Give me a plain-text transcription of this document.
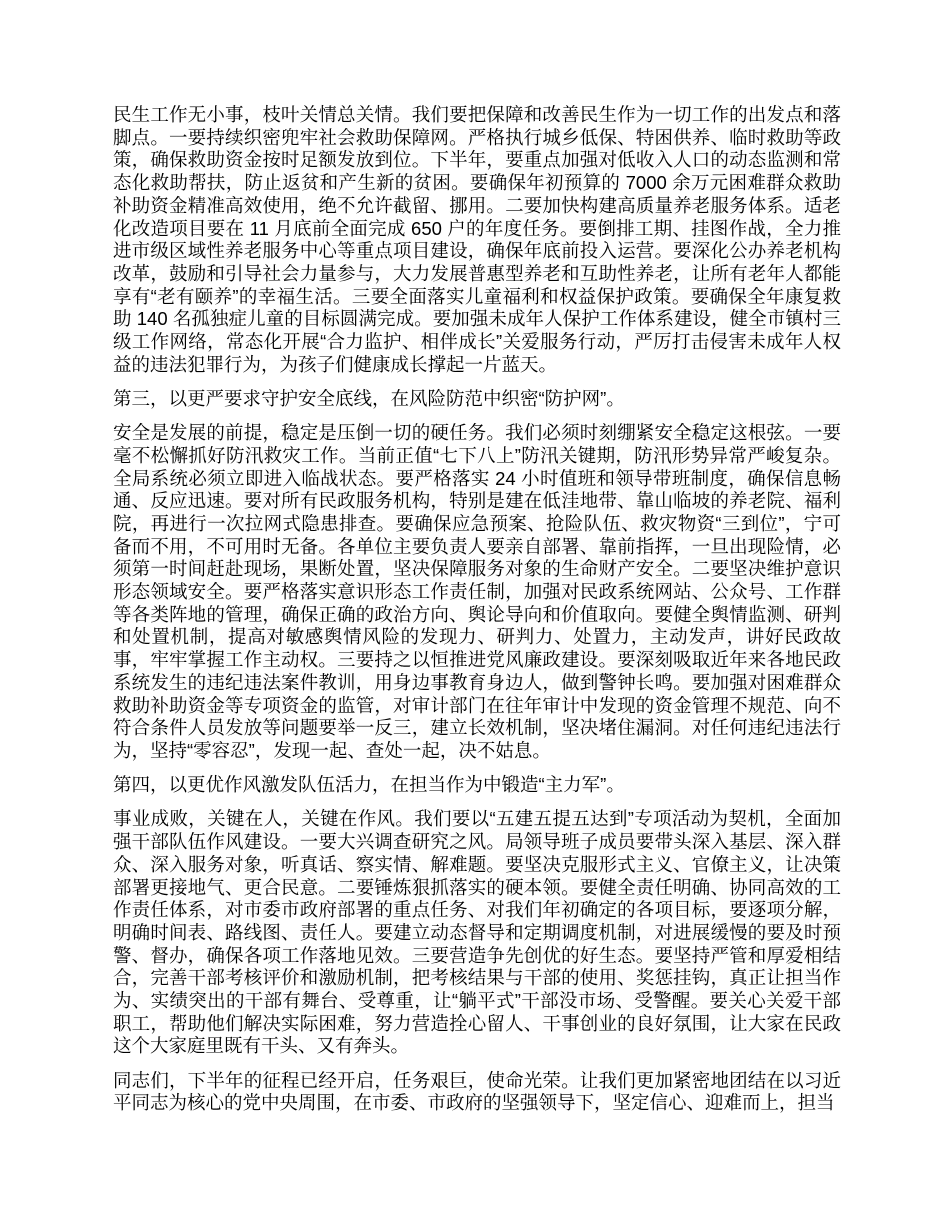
民生工作无小事，枝叶关情总关情。我们要把保障和改善民生作为一切工作的出发点和落脚点。一要持续织密兜牢社会救助保障网。严格执行城乡低保、特困供养、临时救助等政策，确保救助资金按时足额发放到位。下半年，要重点加强对低收入人口的动态监测和常态化救助帮扶，防止返贫和产生新的贫困。要确保年初预算的 7000 余万元困难群众救助补助资金精准高效使用，绝不允许截留、挪用。二要加快构建高质量养老服务体系。适老化改造项目要在 11 月底前全面完成 650 户的年度任务。要倒排工期、挂图作战，全力推进市级区域性养老服务中心等重点项目建设，确保年底前投入运营。要深化公办养老机构改革，鼓励和引导社会力量参与，大力发展普惠型养老和互助性养老，让所有老年人都能享有“老有颐养”的幸福生活。三要全面落实儿童福利和权益保护政策。要确保全年康复救助 140 名孤独症儿童的目标圆满完成。要加强未成年人保护工作体系建设，健全市镇村三级工作网络，常态化开展“合力监护、相伴成长”关爱服务行动，严厉打击侵害未成年人权益的违法犯罪行为，为孩子们健康成长撑起一片蓝天。

第三，以更严要求守护安全底线，在风险防范中织密“防护网”。

安全是发展的前提，稳定是压倒一切的硬任务。我们必须时刻绷紧安全稳定这根弦。一要毫不松懈抓好防汛救灾工作。当前正值“七下八上”防汛关键期，防汛形势异常严峻复杂。全局系统必须立即进入临战状态。要严格落实 24 小时值班和领导带班制度，确保信息畅通、反应迅速。要对所有民政服务机构，特别是建在低洼地带、靠山临坡的养老院、福利院，再进行一次拉网式隐患排查。要确保应急预案、抢险队伍、救灾物资“三到位”，宁可备而不用，不可用时无备。各单位主要负责人要亲自部署、靠前指挥，一旦出现险情，必须第一时间赶赴现场，果断处置，坚决保障服务对象的生命财产安全。二要坚决维护意识形态领域安全。要严格落实意识形态工作责任制，加强对民政系统网站、公众号、工作群等各类阵地的管理，确保正确的政治方向、舆论导向和价值取向。要健全舆情监测、研判和处置机制，提高对敏感舆情风险的发现力、研判力、处置力，主动发声，讲好民政故事，牢牢掌握工作主动权。三要持之以恒推进党风廉政建设。要深刻吸取近年来各地民政系统发生的违纪违法案件教训，用身边事教育身边人，做到警钟长鸣。要加强对困难群众救助补助资金等专项资金的监管，对审计部门在往年审计中发现的资金管理不规范、向不符合条件人员发放等问题要举一反三，建立长效机制，坚决堵住漏洞。对任何违纪违法行为，坚持“零容忍”，发现一起、查处一起，决不姑息。

第四，以更优作风激发队伍活力，在担当作为中锻造“主力军”。

事业成败，关键在人，关键在作风。我们要以“五建五提五达到”专项活动为契机，全面加强干部队伍作风建设。一要大兴调查研究之风。局领导班子成员要带头深入基层、深入群众、深入服务对象，听真话、察实情、解难题。要坚决克服形式主义、官僚主义，让决策部署更接地气、更合民意。二要锤炼狠抓落实的硬本领。要健全责任明确、协同高效的工作责任体系，对市委市政府部署的重点任务、对我们年初确定的各项目标，要逐项分解，明确时间表、路线图、责任人。要建立动态督导和定期调度机制，对进展缓慢的要及时预警、督办，确保各项工作落地见效。三要营造争先创优的好生态。要坚持严管和厚爱相结合，完善干部考核评价和激励机制，把考核结果与干部的使用、奖惩挂钩，真正让担当作为、实绩突出的干部有舞台、受尊重，让“躺平式”干部没市场、受警醒。要关心关爱干部职工，帮助他们解决实际困难，努力营造拴心留人、干事创业的良好氛围，让大家在民政这个大家庭里既有干头、又有奔头。

同志们，下半年的征程已经开启，任务艰巨，使命光荣。让我们更加紧密地团结在以习近平同志为核心的党中央周围，在市委、市政府的坚强领导下，坚定信心、迎难而上，担当
